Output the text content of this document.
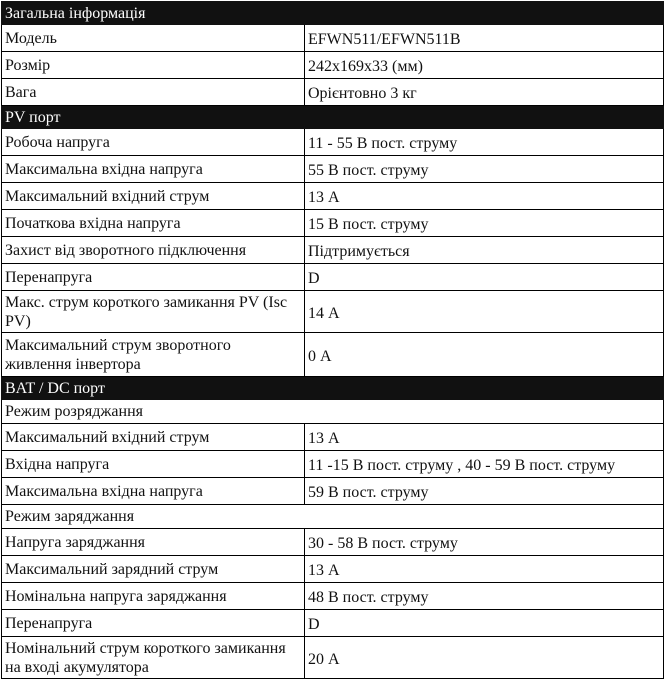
Загальна інформація	
Модель	EFWN511/EFWN511B
Розмір	242x169x33 (мм)
Вага	Орієнтовно 3 кг
PV порт	
Робоча напруга	11 - 55 В пост. струму
Максимальна вхідна напруга	55 В пост. струму
Максимальний вхідний струм	13 А
Початкова вхідна напруга	15 В пост. струму
Захист від зворотного підключення	Підтримується
Перенапруга	D
Макс. струм короткого замикання PV (Isc PV)	14 А
Максимальний струм зворотного живлення інвертора	0 А
BAT / DC порт	
Режим розряджання	
Максимальний вхідний струм	13 А
Вхідна напруга	11 -15 В пост. струму , 40 - 59 В пост. струму
Максимальна вхідна напруга	59 В пост. струму
Режим заряджання	
Напруга заряджання	30 - 58 В пост. струму
Максимальний зарядний струм	13 А
Номінальна напруга заряджання	48 В пост. струму
Перенапруга	D
Номінальний струм короткого замикання на вході акумулятора	20 А
